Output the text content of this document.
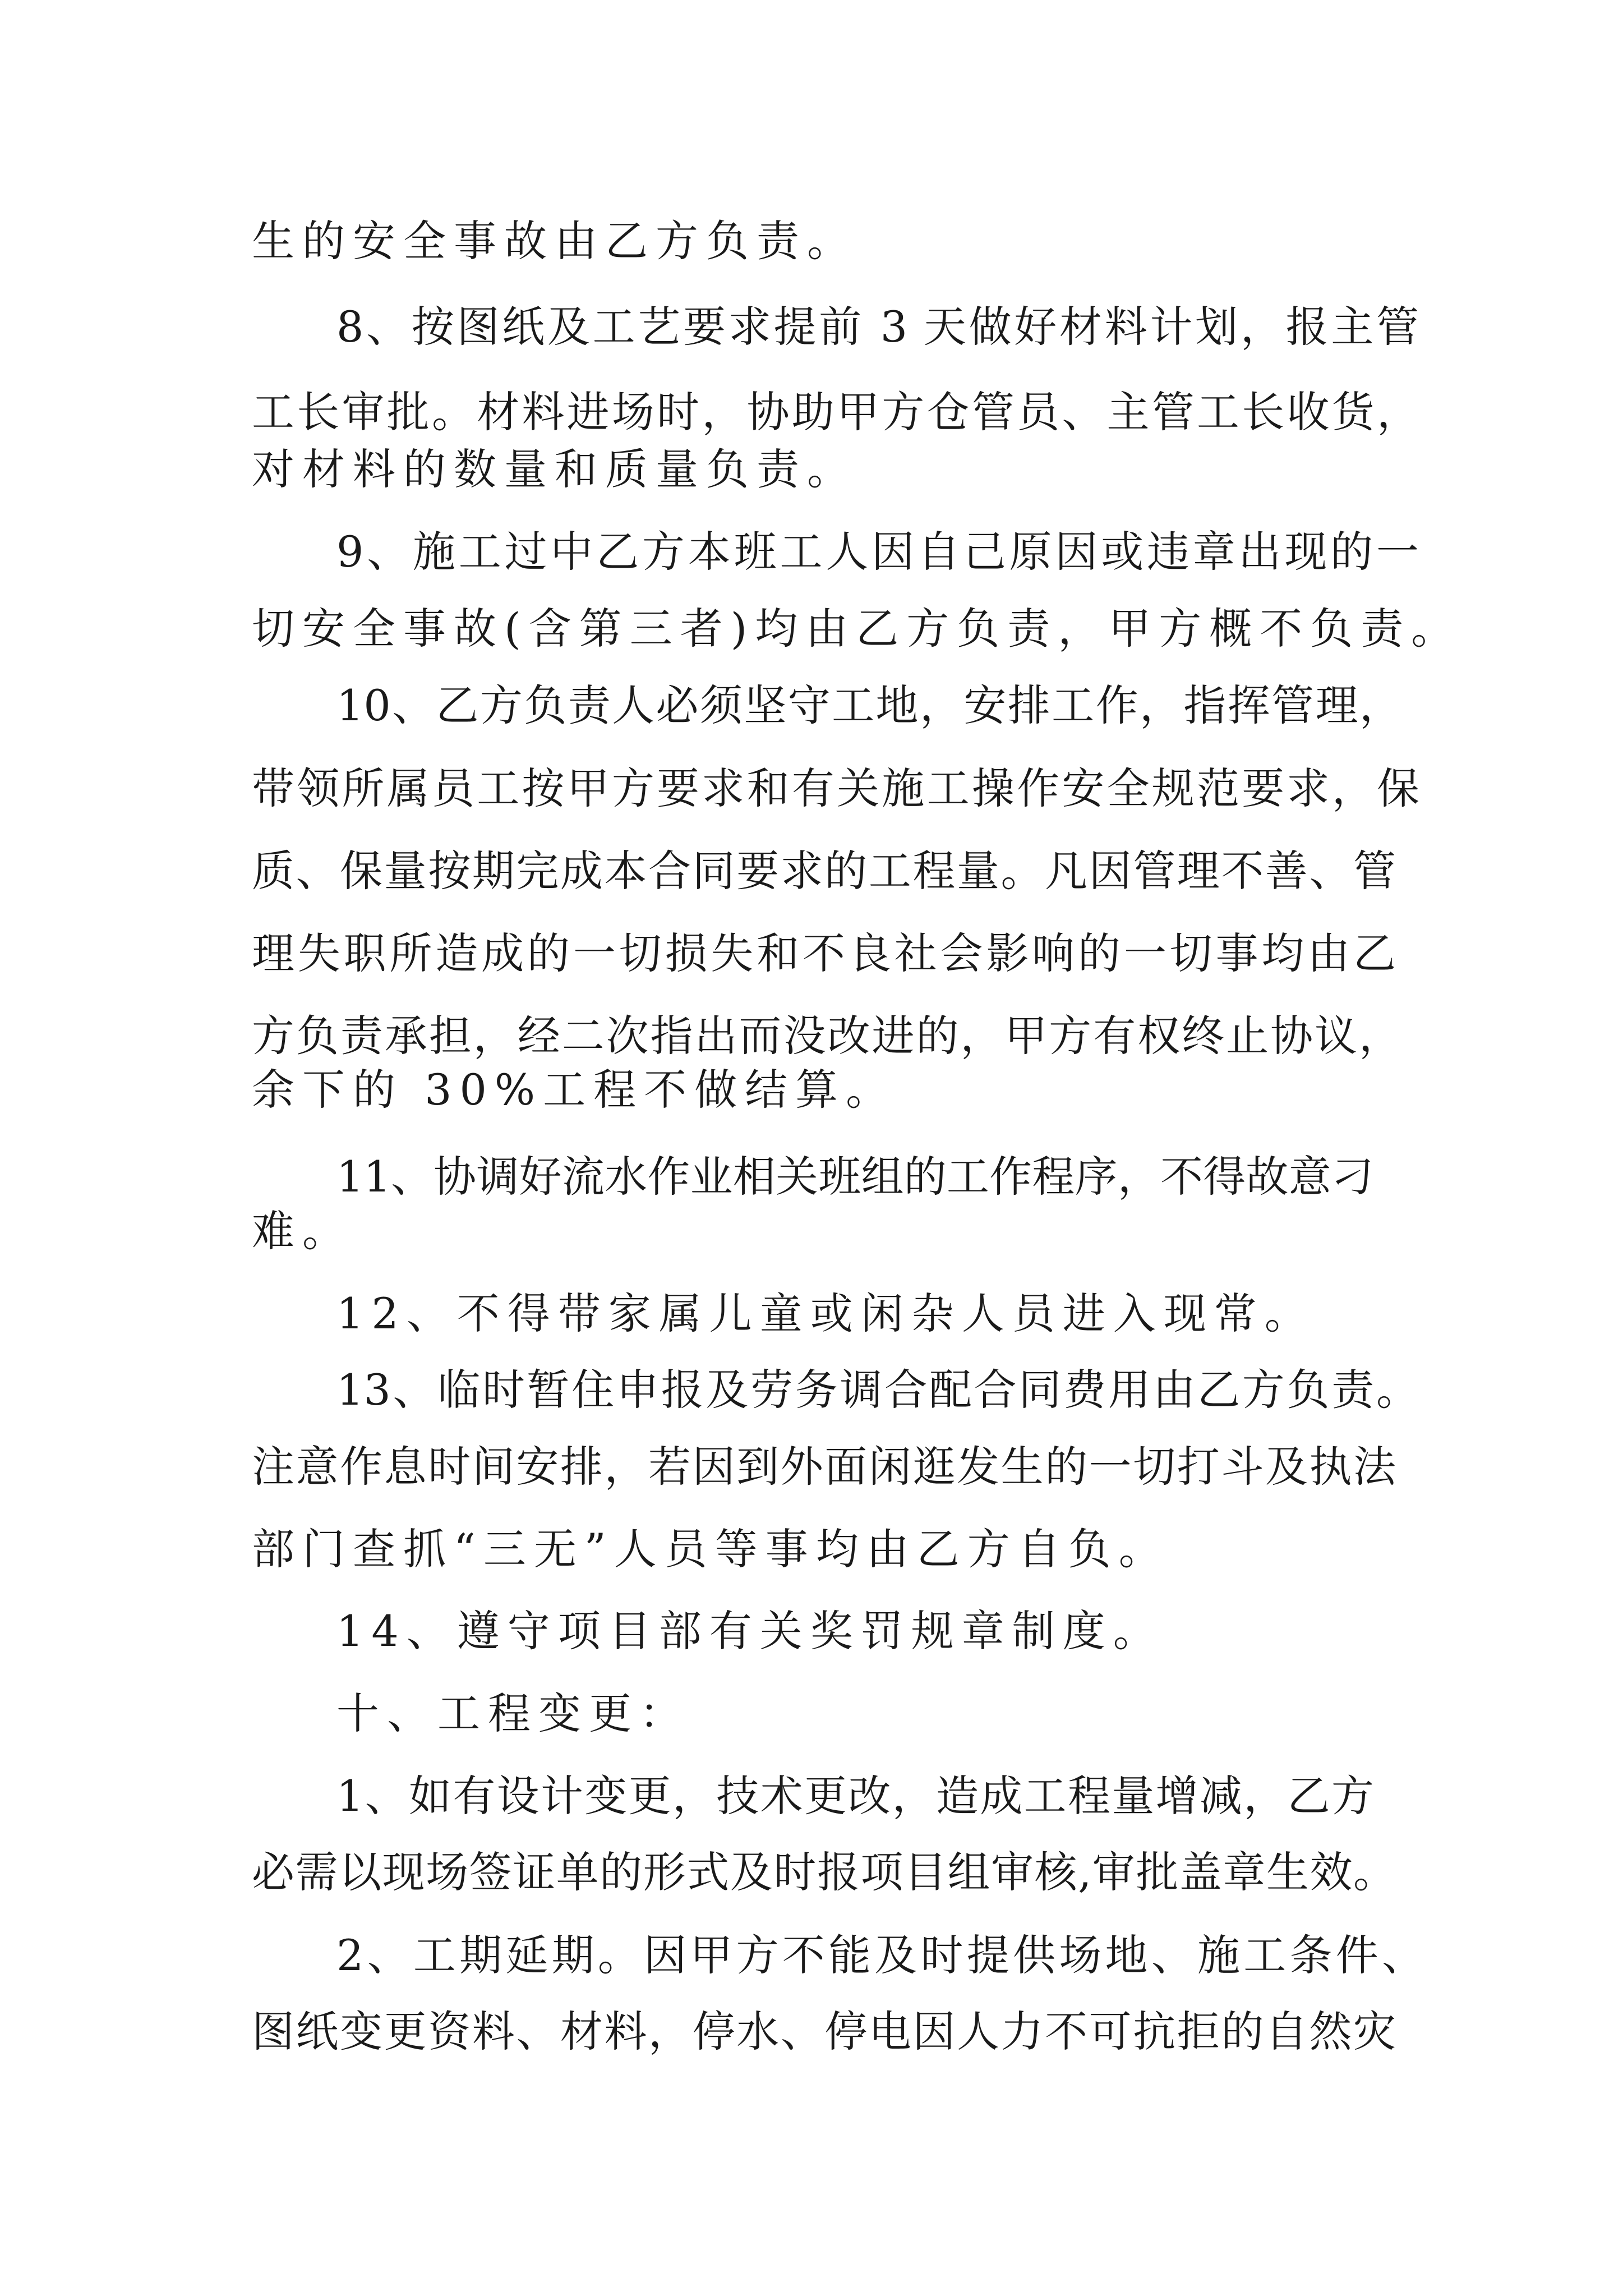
生的安全事故由乙方负责。
8、按图纸及工艺要求提前 3 天做好材料计划，报主管
工长审批。材料进场时，协助甲方仓管员、主管工长收货，
对材料的数量和质量负责。
9、施工过中乙方本班工人因自己原因或违章出现的一
切安全事故(含第三者)均由乙方负责，甲方概不负责。
10、乙方负责人必须坚守工地，安排工作，指挥管理，
带领所属员工按甲方要求和有关施工操作安全规范要求，保
质、保量按期完成本合同要求的工程量。凡因管理不善、管
理失职所造成的一切损失和不良社会影响的一切事均由乙
方负责承担，经二次指出而没改进的，甲方有权终止协议，
余下的 30%工程不做结算。
11、协调好流水作业相关班组的工作程序，不得故意刁
难。
12、不得带家属儿童或闲杂人员进入现常。
13、临时暂住申报及劳务调合配合同费用由乙方负责。
注意作息时间安排，若因到外面闲逛发生的一切打斗及执法
部门查抓“三无”人员等事均由乙方自负。
14、遵守项目部有关奖罚规章制度。
十、工程变更：
1、如有设计变更，技术更改，造成工程量增减，乙方
必需以现场签证单的形式及时报项目组审核,审批盖章生效。
2、工期延期。因甲方不能及时提供场地、施工条件、
图纸变更资料、材料，停水、停电因人力不可抗拒的自然灾
